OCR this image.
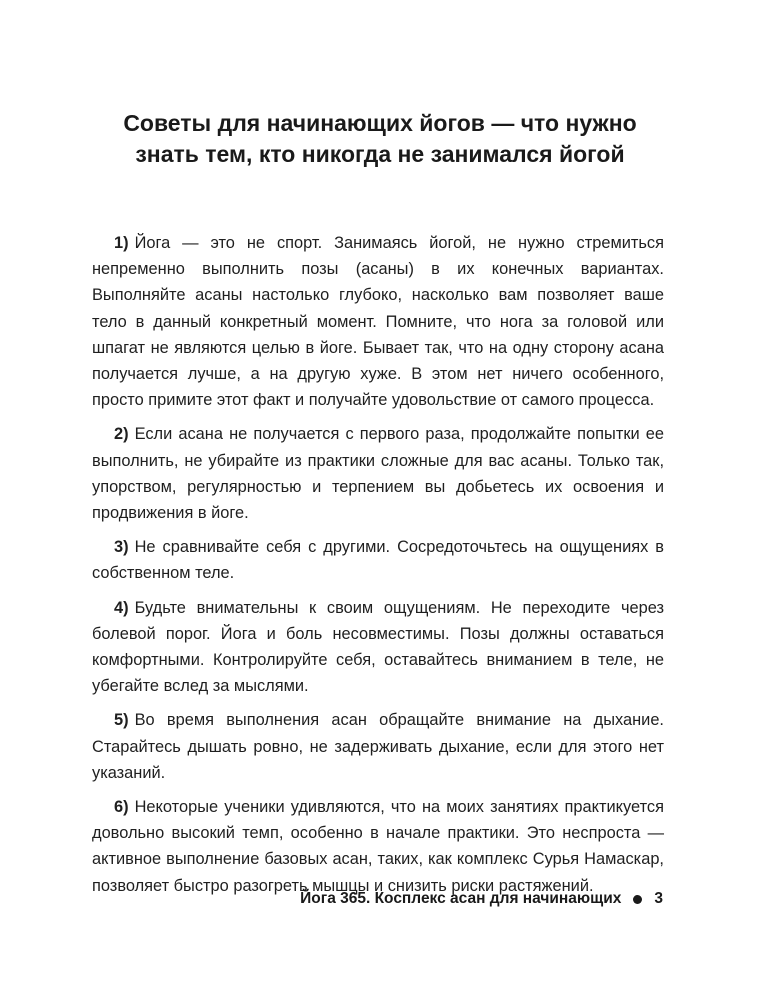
Советы для начинающих йогов — что нужно
знать тем, кто никогда не занимался йогой

1) Йога — это не спорт. Занимаясь йогой, не нужно стремиться непременно выполнить позы (асаны) в их конечных вариантах. Выполняйте асаны настолько глубоко, насколько вам позволяет ваше тело в данный конкретный момент. Помните, что нога за головой или шпагат не являются целью в йоге. Бывает так, что на одну сторону асана получается лучше, а на другую хуже. В этом нет ничего особенного, просто примите этот факт и получайте удовольствие от самого процесса.

2) Если асана не получается с первого раза, продолжайте попытки ее выполнить, не убирайте из практики сложные для вас асаны. Только так, упорством, регулярностью и терпением вы добьетесь их освоения и продвижения в йоге.

3) Не сравнивайте себя с другими. Сосредоточьтесь на ощущениях в собственном теле.

4) Будьте внимательны к своим ощущениям. Не переходите через болевой порог. Йога и боль несовместимы. Позы должны оставаться комфортными. Контролируйте себя, оставайтесь вниманием в теле, не убегайте вслед за мыслями.

5) Во время выполнения асан обращайте внимание на дыхание. Старайтесь дышать ровно, не задерживать дыхание, если для этого нет указаний.

6) Некоторые ученики удивляются, что на моих занятиях практикуется довольно высокий темп, особенно в начале практики. Это неспроста — активное выполнение базовых асан, таких, как комплекс Сурья Намаскар, позволяет быстро разогреть мышцы и снизить риски растяжений.

Йога 365. Косплекс асан для начинающих 3
